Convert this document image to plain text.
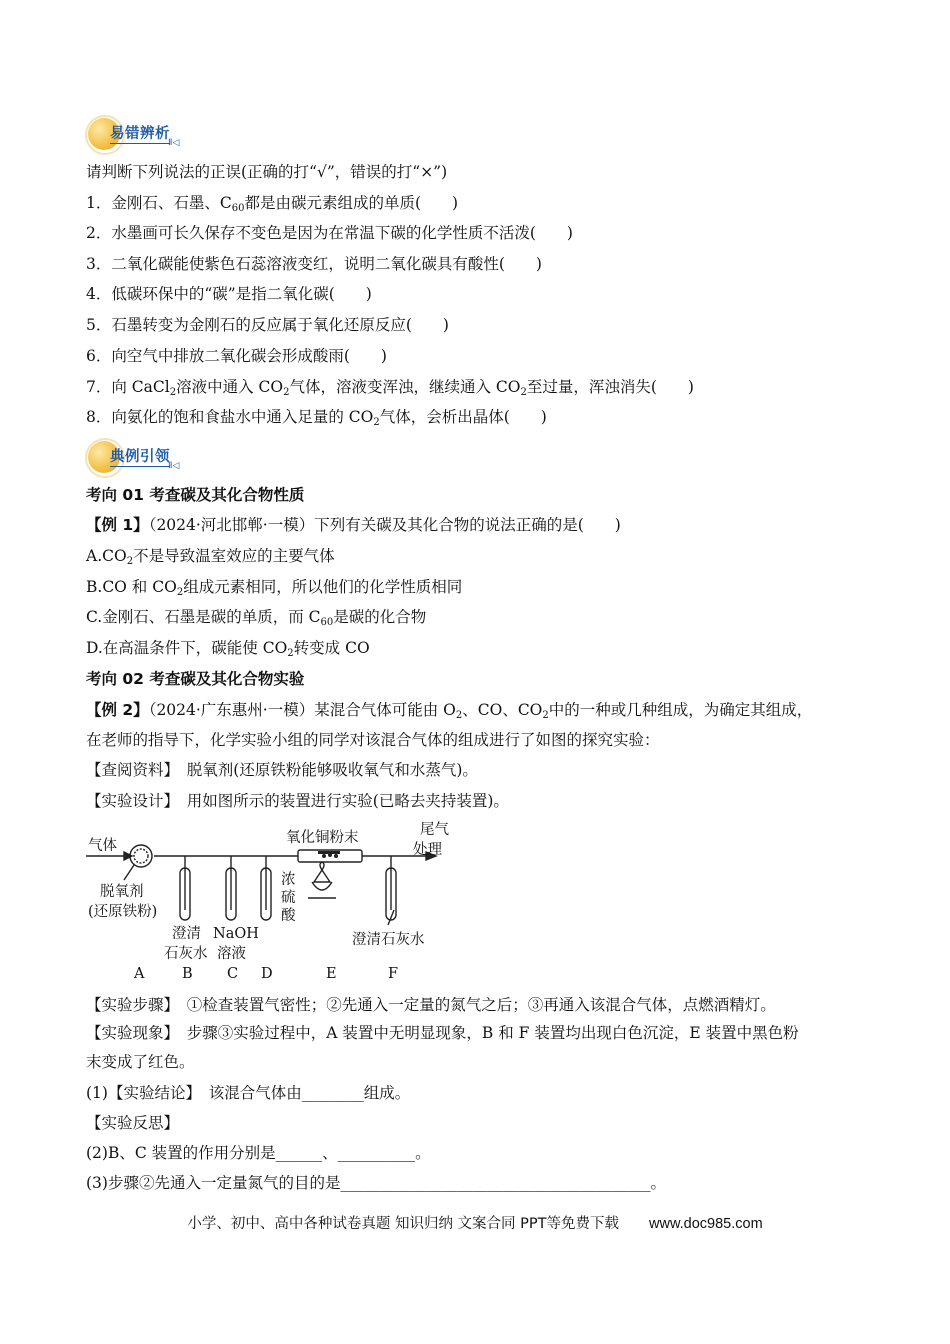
易错辨析
Ⅱ◁
请判断下列说法的正误(正确的打“√”，错误的打“×”)
1．金刚石、石墨、$C_{60}$都是由碳元素组成的单质(　　)
2．水墨画可长久保存不变色是因为在常温下碳的化学性质不活泼(　　)
3．二氧化碳能使紫色石蕊溶液变红，说明二氧化碳具有酸性(　　)
4．低碳环保中的“碳”是指二氧化碳(　　)
5．石墨转变为金刚石的反应属于氧化还原反应(　　)
6．向空气中排放二氧化碳会形成酸雨(　　)
7．向 CaCl$_2$溶液中通入 $CO_2$气体，溶液变浑浊，继续通入 $CO_2$至过量，浑浊消失(　　)
8．向氨化的饱和食盐水中通入足量的 $CO_2$气体，会析出晶体(　　)
典例引领
Ⅱ◁
考向 01 考查碳及其化合物性质
【例 1】（2024·河北邯郸·一模）下列有关碳及其化合物的说法正确的是(　　)
$A.CO_2$不是导致温室效应的主要气体
B.CO 和 $CO_2$组成元素相同，所以他们的化学性质相同
C.金刚石、石墨是碳的单质，而 $C_{60}$是碳的化合物
D.在高温条件下，碳能使 $CO_2$转变成 CO
考向 02 考查碳及其化合物实验
【例 2】（2024·广东惠州·一模）某混合气体可能由 $O_2$、CO、$CO_2$中的一种或几种组成，为确定其组成，
在老师的指导下，化学实验小组的同学对该混合气体的组成进行了如图的探究实验：
【查阅资料】　 脱氧剂(还原铁粉能够吸收氧气和水蒸气)。
【实验设计】　 用如图所示的装置进行实验(已略去夹持装置)。
气体	氧化铜粉末	尾气
处理
脱氧剂
(还原铁粉)
澄清
石灰水
NaOH
溶液
浓
硫
酸
澄清石灰水
A	B C D	E	F
【实验步骤】　 ①检查装置气密性；②先通入一定量的氮气之后；③再通入该混合气体，点燃酒精灯。
【实验现象】　 步骤③实验过程中，A 装置中无明显现象，B 和 F 装置均出现白色沉淀，E 装置中黑色粉
末变成了红色。
(1)【实验结论】　该混合气体由________组成。
【实验反思】
(2)B、C 装置的作用分别是______、__________。
(3)步骤②先通入一定量氮气的目的是________________________________________。
小学、初中、高中各种试卷真题 知识归纳 文案合同 PPT等免费下载 www.doc985.com
